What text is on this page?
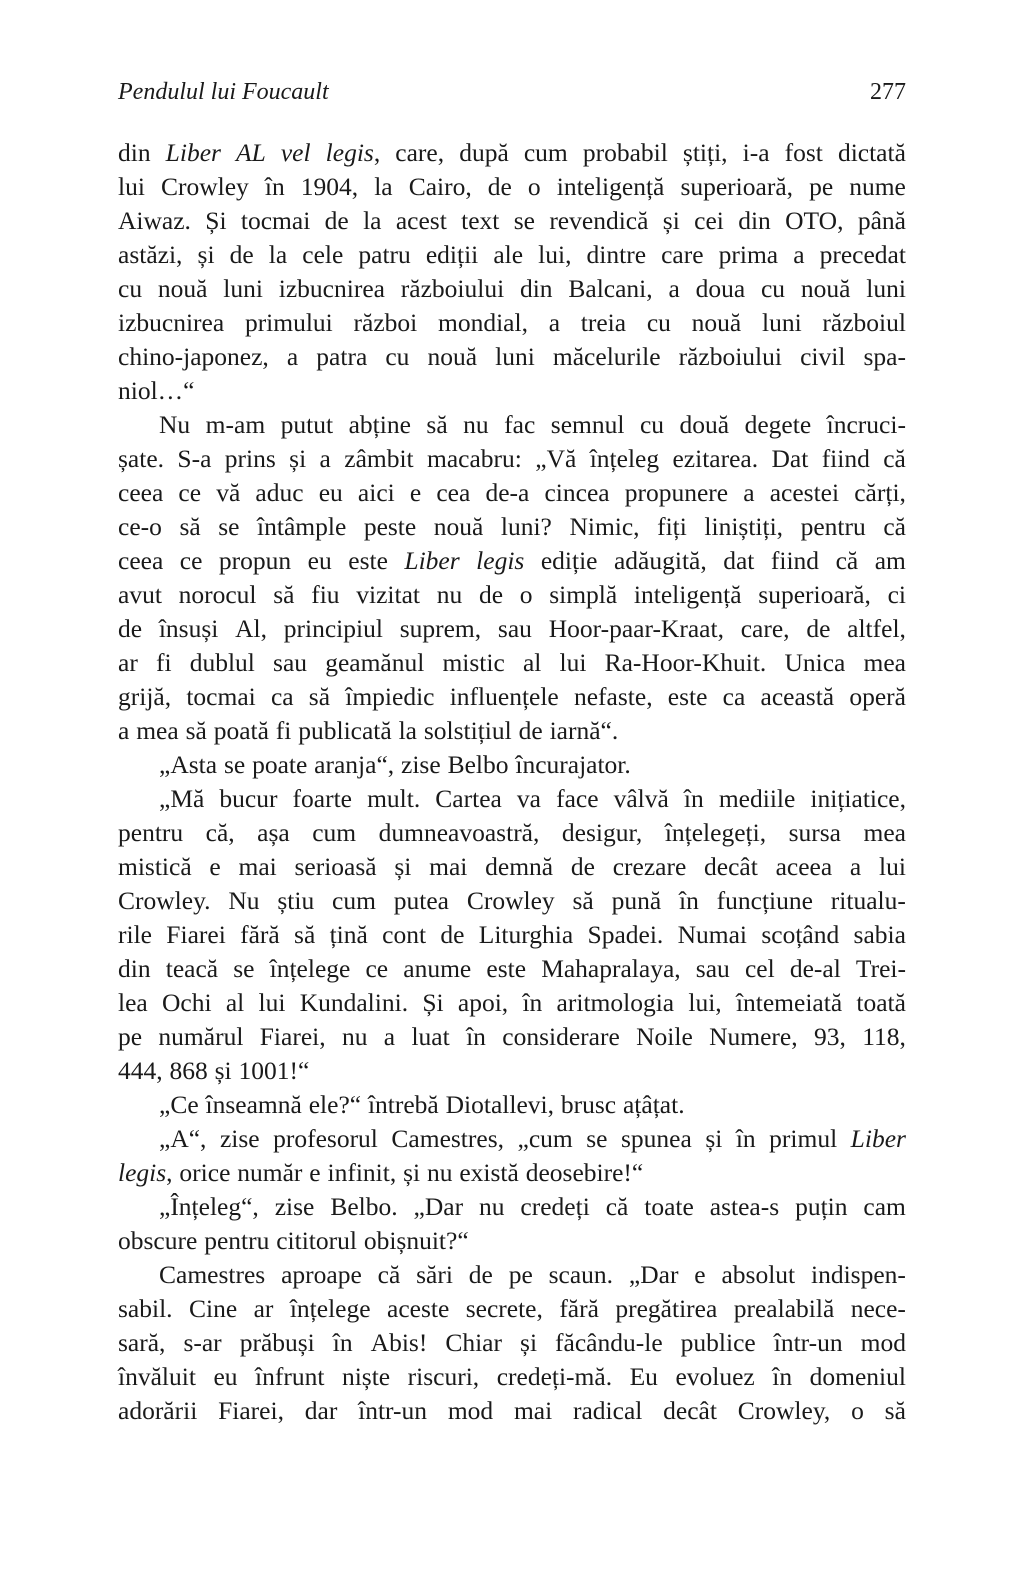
Pendulul lui Foucault	277
din Liber AL vel legis, care, după cum probabil știți, i-a fost dictată
lui Crowley în 1904, la Cairo, de o inteligență superioară, pe nume
Aiwaz. Și tocmai de la acest text se revendică și cei din OTO, până
astăzi, și de la cele patru ediții ale lui, dintre care prima a precedat
cu nouă luni izbucnirea războiului din Balcani, a doua cu nouă luni
izbucnirea primului război mondial, a treia cu nouă luni războiul
chino-japonez, a patra cu nouă luni măcelurile războiului civil spa-
niol…“
Nu m-am putut abține să nu fac semnul cu două degete încruci-
șate. S-a prins și a zâmbit macabru: „Vă înțeleg ezitarea. Dat fiind că
ceea ce vă aduc eu aici e cea de-a cincea propunere a acestei cărți,
ce-o să se întâmple peste nouă luni? Nimic, fiți liniștiți, pentru că
ceea ce propun eu este Liber legis ediție adăugită, dat fiind că am
avut norocul să fiu vizitat nu de o simplă inteligență superioară, ci
de însuși Al, principiul suprem, sau Hoor-paar-Kraat, care, de altfel,
ar fi dublul sau geamănul mistic al lui Ra-Hoor-Khuit. Unica mea
grijă, tocmai ca să împiedic influențele nefaste, este ca această operă
a mea să poată fi publicată la solstițiul de iarnă“.
„Asta se poate aranja“, zise Belbo încurajator.
„Mă bucur foarte mult. Cartea va face vâlvă în mediile inițiatice,
pentru că, așa cum dumneavoastră, desigur, înțelegeți, sursa mea
mistică e mai serioasă și mai demnă de crezare decât aceea a lui
Crowley. Nu știu cum putea Crowley să pună în funcțiune ritualu-
rile Fiarei fără să țină cont de Liturghia Spadei. Numai scoțând sabia
din teacă se înțelege ce anume este Mahapralaya, sau cel de-al Trei-
lea Ochi al lui Kundalini. Și apoi, în aritmologia lui, întemeiată toată
pe numărul Fiarei, nu a luat în considerare Noile Numere, 93, 118,
444, 868 și 1001!“
„Ce înseamnă ele?“ întrebă Diotallevi, brusc ațâțat.
„A“, zise profesorul Camestres, „cum se spunea și în primul Liber
legis, orice număr e infinit, și nu există deosebire!“
„Înțeleg“, zise Belbo. „Dar nu credeți că toate astea-s puțin cam
obscure pentru cititorul obișnuit?“
Camestres aproape că sări de pe scaun. „Dar e absolut indispen-
sabil. Cine ar înțelege aceste secrete, fără pregătirea prealabilă nece-
sară, s-ar prăbuși în Abis! Chiar și făcându-le publice într-un mod
învăluit eu înfrunt niște riscuri, credeți-mă. Eu evoluez în domeniul
adorării Fiarei, dar într-un mod mai radical decât Crowley, o să
